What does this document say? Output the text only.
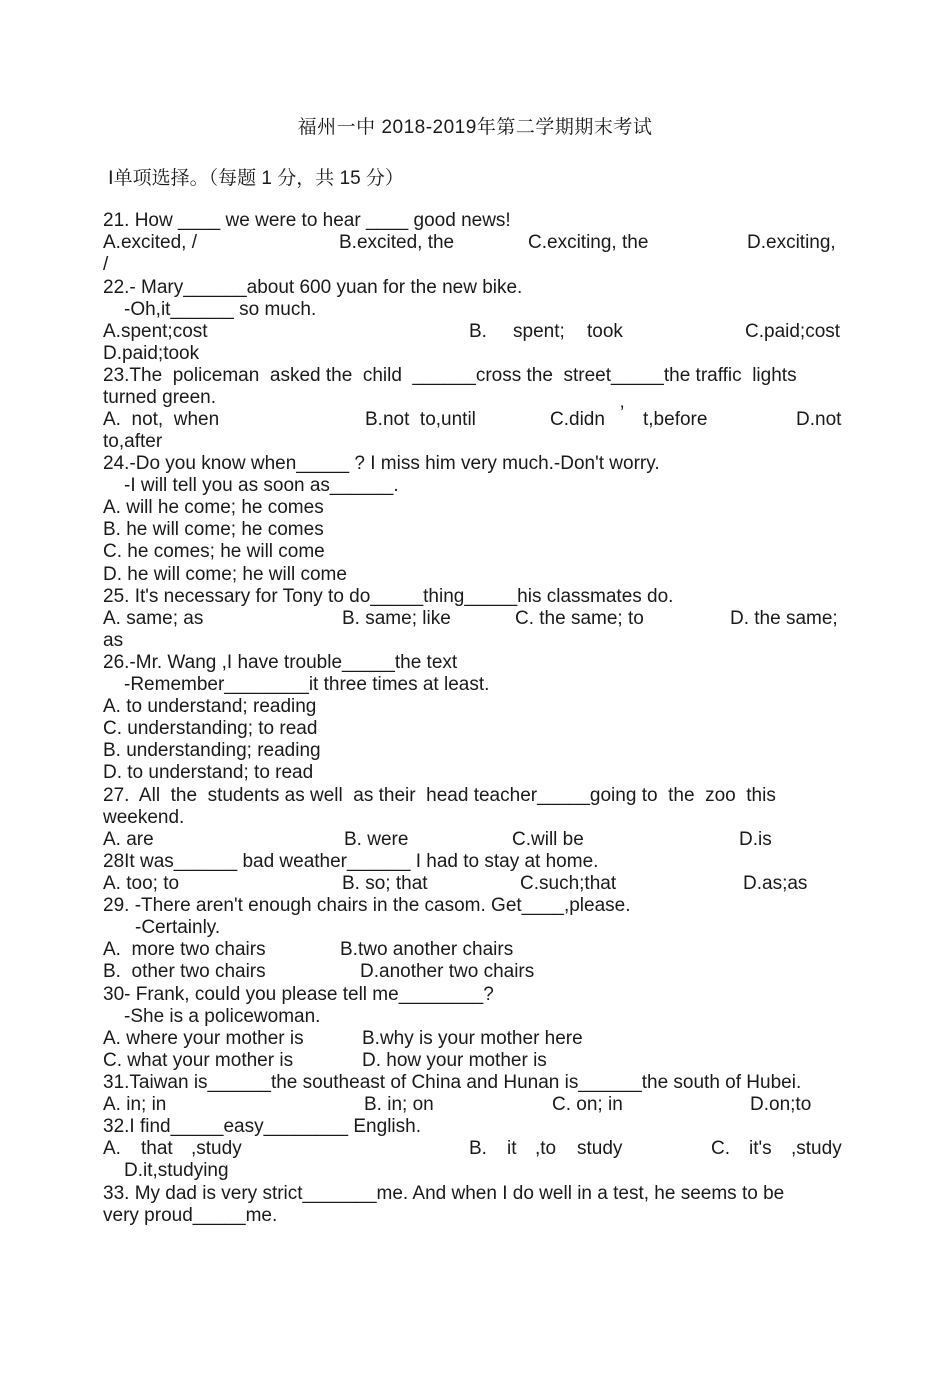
福州一中 2018-2019年第二学期期末考试
Ⅰ单项选择。（每题 1 分，共 15 分）
21. How ____ we were to hear ____ good news!

A.excited, /

	B.excited, the

	C.exciting, the

	D.exciting,

/
22.- Mary______about 600 yuan for the new bike.
-Oh,it______ so much.

A.spent;cost

	B.

spent;

took

	C.paid;cost

D.paid;took
23.The  policeman  asked the  child  ______cross the  street_____the traffic  lights
turned green.

A.  not,  when

	B.not  to,until

	C.didn

’

t,before

	D.not

to,after
24.-Do you know when_____ ? I miss him very much.-Don't worry.
-I will tell you as soon as______.
A. will he come; he comes
B. he will come; he comes
C. he comes; he will come
D. he will come; he will come
25. It's necessary for Tony to do_____thing_____his classmates do.

A. same; as

	B. same; like

	C. the same; to

	D. the same;

as
26.-Mr. Wang ,I have trouble_____the text
-Remember________it three times at least.
A. to understand; reading
C. understanding; to read
B. understanding; reading
D. to understand; to read
27.  All  the  students as well  as their  head teacher_____going to  the  zoo  this
weekend.

A. are

	B. were

	C.will be

	D.is

28It was______ bad weather______ I had to stay at home.

A. too; to

	B. so; that

	C.such;that

	D.as;as

29. -There aren't enough chairs in the casom. Get____,please.
-Certainly.

A.  more two chairs

	B.two another chairs

B.  other two chairs

	D.another two chairs

30- Frank, could you please tell me________?
-She is a policewoman.

A. where your mother is

	B.why is your mother here

C. what your mother is

	D. how your mother is

31.Taiwan is______the southeast of China and Hunan is______the south of Hubei.

A. in; in

	B. in; on

	C. on; in

	D.on;to

32.I find_____easy________ English.

A.

that

,study

	B.

it

,to

study

	C.

it's

,study

D.it,studying
33. My dad is very strict_______me. And when I do well in a test, he seems to be
very proud_____me.
